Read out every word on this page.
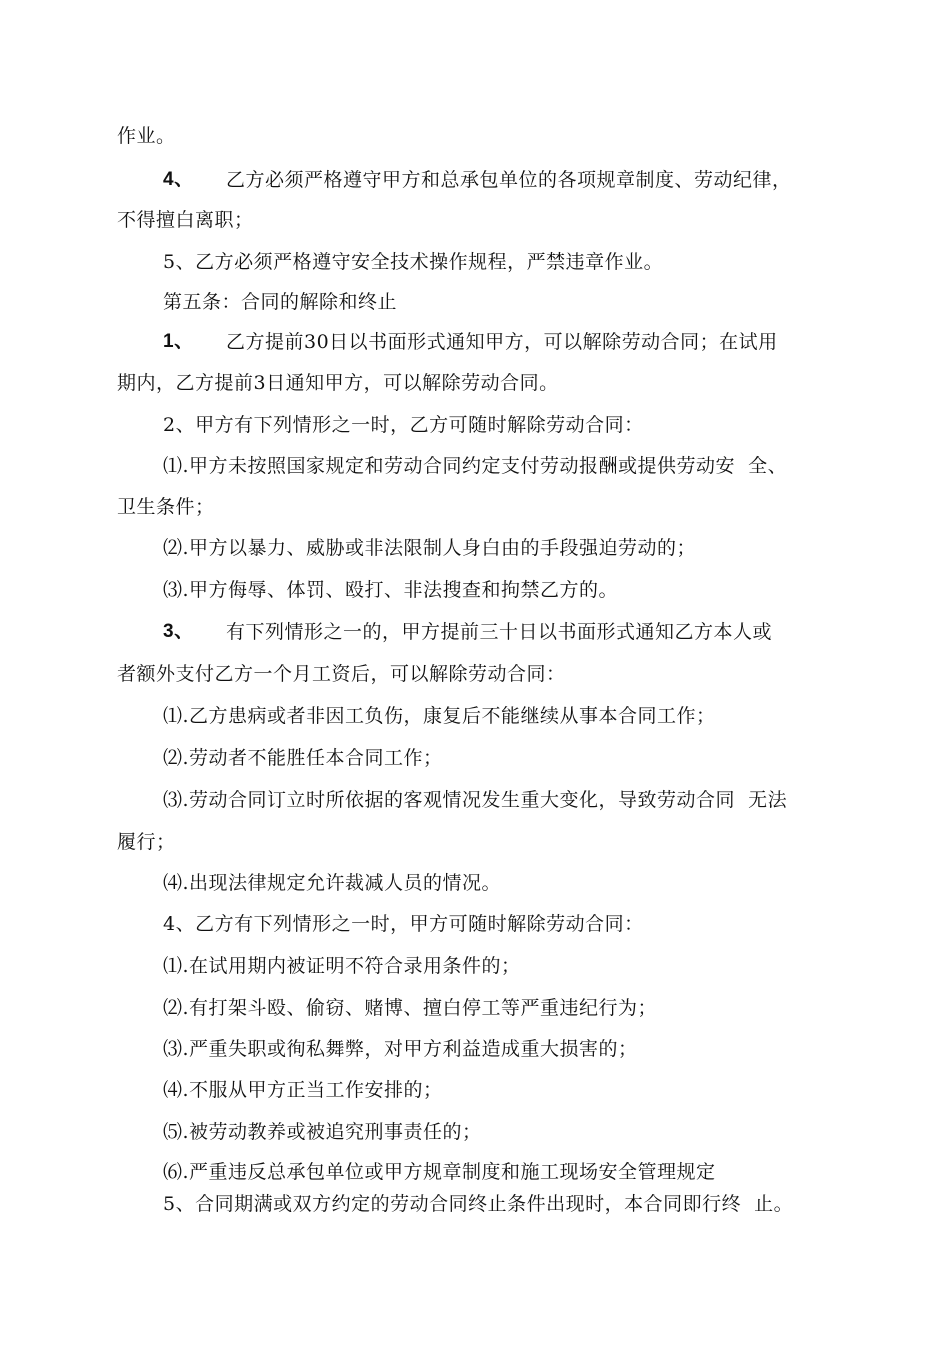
作业。
4、 乙方必须严格遵守甲方和总承包单位的各项规章制度、劳动纪律，
不得擅白离职；
5、乙方必须严格遵守安全技术操作规程，严禁违章作业。
第五条：合同的解除和终止
1、 乙方提前30日以书面形式通知甲方，可以解除劳动合同；在试用
期内，乙方提前3日通知甲方，可以解除劳动合同。
2、甲方有下列情形之一时，乙方可随时解除劳动合同：
⑴.甲方未按照国家规定和劳动合同约定支付劳动报酬或提供劳动安  全、
卫生条件；
⑵.甲方以暴力、威胁或非法限制人身白由的手段强迫劳动的；
⑶.甲方侮辱、体罚、殴打、非法搜查和拘禁乙方的。
3、 有下列情形之一的，甲方提前三十日以书面形式通知乙方本人或
者额外支付乙方一个月工资后，可以解除劳动合同：
⑴.乙方患病或者非因工负伤，康复后不能继续从事本合同工作；
⑵.劳动者不能胜任本合同工作；
⑶.劳动合同订立时所依据的客观情况发生重大变化，导致劳动合同  无法
履行；
⑷.出现法律规定允许裁减人员的情况。
4、乙方有下列情形之一时，甲方可随时解除劳动合同：
⑴.在试用期内被证明不符合录用条件的；
⑵.有打架斗殴、偷窃、赌博、擅白停工等严重违纪行为；
⑶.严重失职或徇私舞弊，对甲方利益造成重大损害的；
⑷.不服从甲方正当工作安排的；
⑸.被劳动教养或被追究刑事责任的；
⑹.严重违反总承包单位或甲方规章制度和施工现场安全管理规定
5、合同期满或双方约定的劳动合同终止条件出现时，本合同即行终  止。
